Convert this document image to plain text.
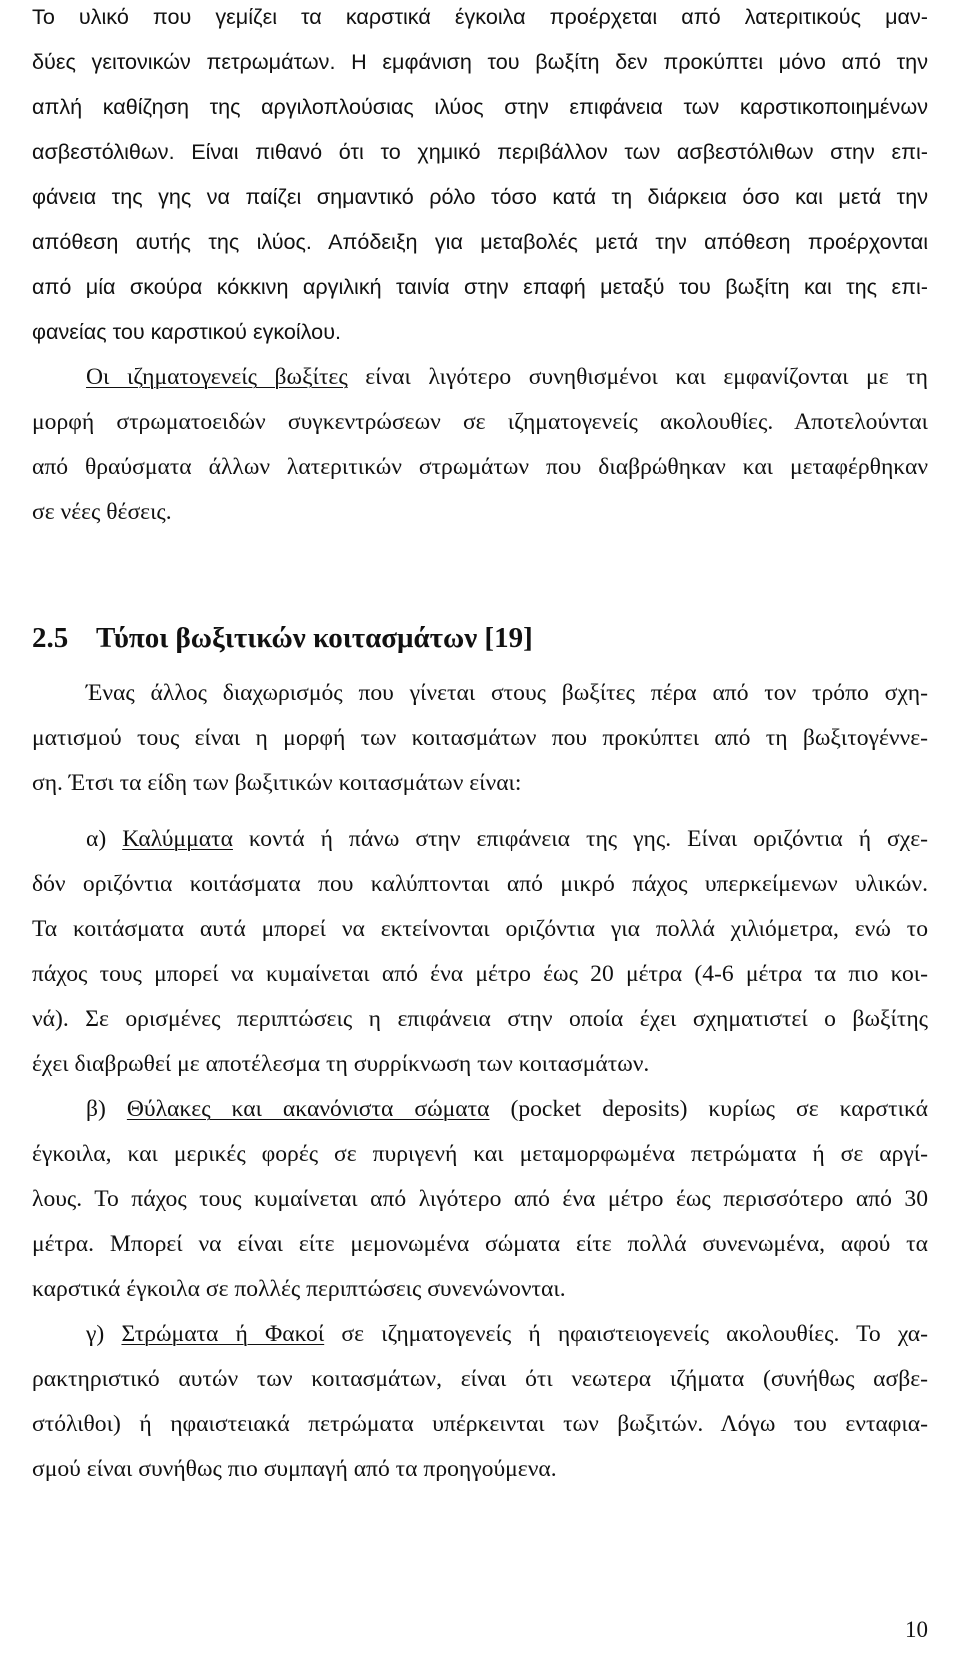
Το υλικό που γεμίζει τα καρστικά έγκοιλα προέρχεται από λατεριτικούς μαν-
δύες γειτονικών πετρωμάτων. Η εμφάνιση του βωξίτη δεν προκύπτει μόνο από την
απλή καθίζηση της αργιλοπλούσιας ιλύος στην επιφάνεια των καρστικοποιημένων
ασβεστόλιθων. Είναι πιθανό ότι το χημικό περιβάλλον των ασβεστόλιθων στην επι-
φάνεια της γης να παίζει σημαντικό ρόλο τόσο κατά τη διάρκεια όσο και μετά την
απόθεση αυτής της ιλύος. Απόδειξη για μεταβολές μετά την απόθεση προέρχονται
από μία σκούρα κόκκινη αργιλική ταινία στην επαφή μεταξύ του βωξίτη και της επι-
φανείας του καρστικού εγκοίλου.
Οι ιζηματογενείς βωξίτες είναι λιγότερο συνηθισμένοι και εμφανίζονται με τη
μορφή στρωματοειδών συγκεντρώσεων σε ιζηματογενείς ακολουθίες. Αποτελούνται
από θραύσματα άλλων λατεριτικών στρωμάτων που διαβρώθηκαν και μεταφέρθηκαν
σε νέες θέσεις.
2.5 Τύποι βωξιτικών κοιτασμάτων [19]
Ένας άλλος διαχωρισμός που γίνεται στους βωξίτες πέρα από τον τρόπο σχη-
ματισμού τους είναι η μορφή των κοιτασμάτων που προκύπτει από τη βωξιτογέννε-
ση. Έτσι τα είδη των βωξιτικών κοιτασμάτων είναι:
α) Καλύμματα κοντά ή πάνω στην επιφάνεια της γης. Είναι οριζόντια ή σχε-
δόν οριζόντια κοιτάσματα που καλύπτονται από μικρό πάχος υπερκείμενων υλικών.
Τα κοιτάσματα αυτά μπορεί να εκτείνονται οριζόντια για πολλά χιλιόμετρα, ενώ το
πάχος τους μπορεί να κυμαίνεται από ένα μέτρο έως 20 μέτρα (4-6 μέτρα τα πιο κοι-
νά). Σε ορισμένες περιπτώσεις η επιφάνεια στην οποία έχει σχηματιστεί ο βωξίτης
έχει διαβρωθεί με αποτέλεσμα τη συρρίκνωση των κοιτασμάτων.
β) Θύλακες και ακανόνιστα σώματα (pocket deposits) κυρίως σε καρστικά
έγκοιλα, και μερικές φορές σε πυριγενή και μεταμορφωμένα πετρώματα ή σε αργί-
λους. Το πάχος τους κυμαίνεται από λιγότερο από ένα μέτρο έως περισσότερο από 30
μέτρα. Μπορεί να είναι είτε μεμονωμένα σώματα είτε πολλά συνενωμένα, αφού τα
καρστικά έγκοιλα σε πολλές περιπτώσεις συνενώνονται.
γ) Στρώματα ή Φακοί σε ιζηματογενείς ή ηφαιστειογενείς ακολουθίες. Το χα-
ρακτηριστικό αυτών των κοιτασμάτων, είναι ότι νεωτερα ιζήματα (συνήθως ασβε-
στόλιθοι) ή ηφαιστειακά πετρώματα υπέρκεινται των βωξιτών. Λόγω του ενταφια-
σμού είναι συνήθως πιο συμπαγή από τα προηγούμενα.
10
